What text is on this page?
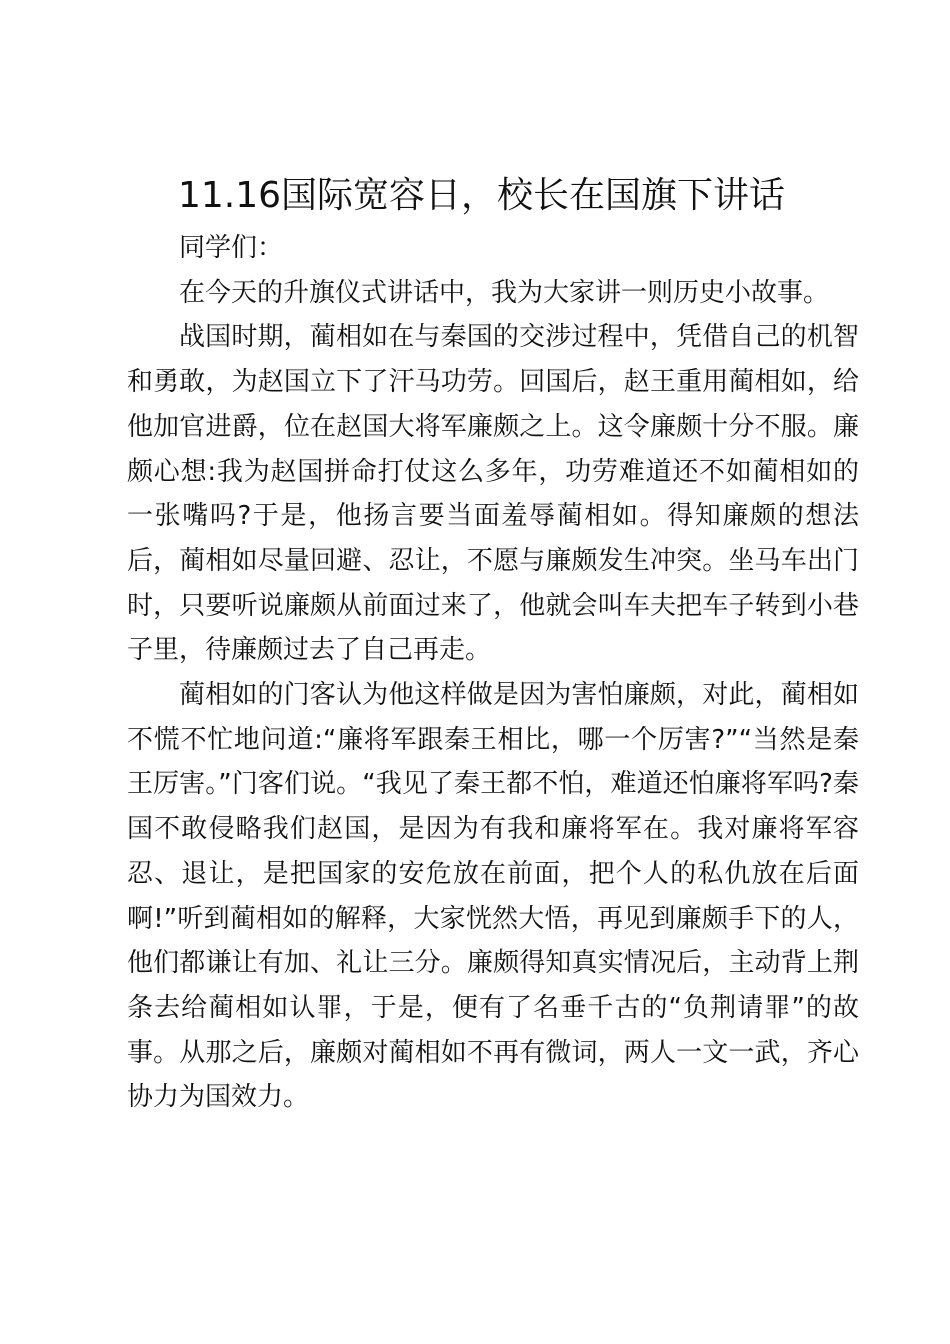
11.16国际宽容日，校长在国旗下讲话

同学们：

在今天的升旗仪式讲话中，我为大家讲一则历史小故事。

战国时期，蔺相如在与秦国的交涉过程中，凭借自己的机智和勇敢，为赵国立下了汗马功劳。回国后，赵王重用蔺相如，给他加官进爵，位在赵国大将军廉颇之上。这令廉颇十分不服。廉颇心想:我为赵国拼命打仗这么多年，功劳难道还不如蔺相如的一张嘴吗?于是，他扬言要当面羞辱蔺相如。得知廉颇的想法后，蔺相如尽量回避、忍让，不愿与廉颇发生冲突。坐马车出门时，只要听说廉颇从前面过来了，他就会叫车夫把车子转到小巷子里，待廉颇过去了自己再走。

蔺相如的门客认为他这样做是因为害怕廉颇，对此，蔺相如不慌不忙地问道:“廉将军跟秦王相比，哪一个厉害?”“当然是秦王厉害。”门客们说。“我见了秦王都不怕，难道还怕廉将军吗?秦国不敢侵略我们赵国，是因为有我和廉将军在。我对廉将军容忍、退让，是把国家的安危放在前面，把个人的私仇放在后面啊!”听到蔺相如的解释，大家恍然大悟，再见到廉颇手下的人，他们都谦让有加、礼让三分。廉颇得知真实情况后，主动背上荆条去给蔺相如认罪，于是，便有了名垂千古的“负荆请罪”的故事。从那之后，廉颇对蔺相如不再有微词，两人一文一武，齐心协力为国效力。
